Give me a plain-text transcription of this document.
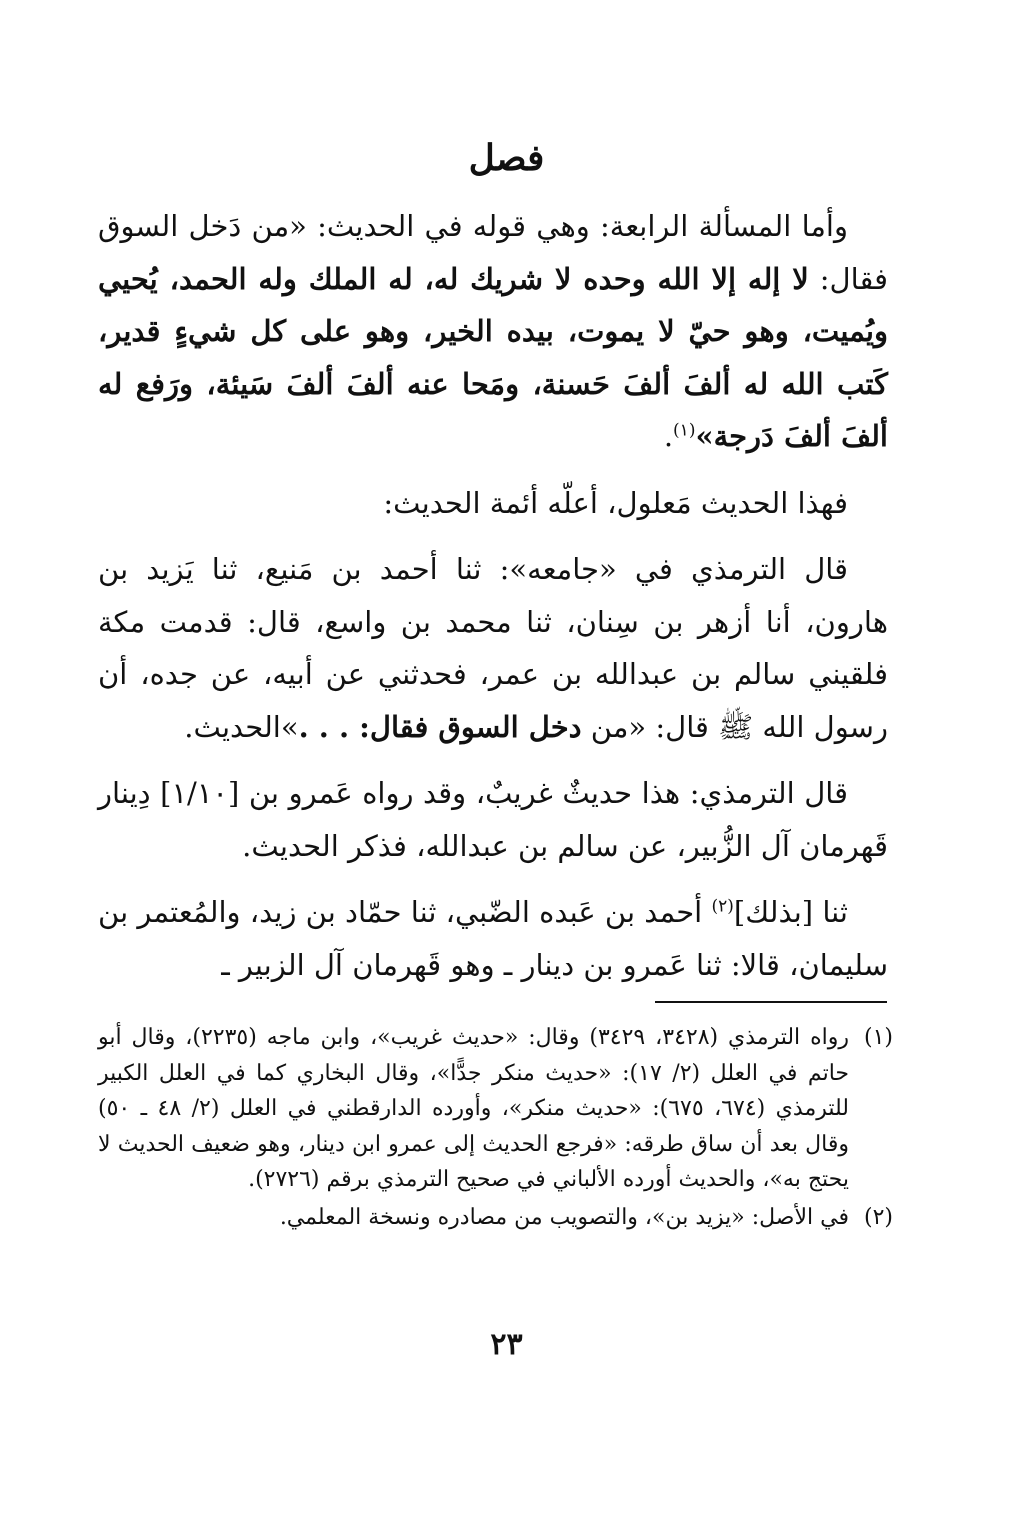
فصل

وأما المسألة الرابعة: وهي قوله في الحديث: «من دَخل السوق فقال: لا إله إلا الله وحده لا شريك له، له الملك وله الحمد، يُحيي ويُميت، وهو حيّ لا يموت، بيده الخير، وهو على كل شيءٍ قدير، كَتب الله له ألفَ ألفَ حَسنة، ومَحا عنه ألفَ ألفَ سَيئة، ورَفع له ألفَ ألفَ دَرجة»$^{(١)}$.

فهذا الحديث مَعلول، أعلّه أئمة الحديث:

قال الترمذي في «جامعه»: ثنا أحمد بن مَنيع، ثنا يَزيد بن هارون، أنا أزهر بن سِنان، ثنا محمد بن واسع، قال: قدمت مكة فلقيني سالم بن عبدالله بن عمر، فحدثني عن أبيه، عن جده، أن رسول الله ﷺ قال: «من دخل السوق فقال: . . .»الحديث.

قال الترمذي: هذا حديثٌ غريبٌ، وقد رواه عَمرو بن [١/١٠] دِينار قَهرمان آل الزُّبير، عن سالم بن عبدالله، فذكر الحديث.

ثنا [بذلك]$^{(٢)}$ أحمد بن عَبده الضّبي، ثنا حمّاد بن زيد، والمُعتمر بن سليمان، قالا: ثنا عَمرو بن دينار ـ وهو قَهرمان آل الزبير ـ

(١)
رواه الترمذي (٣٤٢٨، ٣٤٢٩) وقال: «حديث غريب»، وابن ماجه (٢٢٣٥)، وقال أبو حاتم في العلل (٢/ ١٧): «حديث منكر جدًّا»، وقال البخاري كما في العلل الكبير للترمذي (٦٧٤، ٦٧٥): «حديث منكر»، وأورده الدارقطني في العلل (٢/ ٤٨ ـ ٥٠) وقال بعد أن ساق طرقه: «فرجع الحديث إلى عمرو ابن دينار، وهو ضعيف الحديث لا يحتج به»، والحديث أورده الألباني في صحيح الترمذي برقم (٢٧٢٦).
(٢)
في الأصل: «يزيد بن»، والتصويب من مصادره ونسخة المعلمي.
٢٣
